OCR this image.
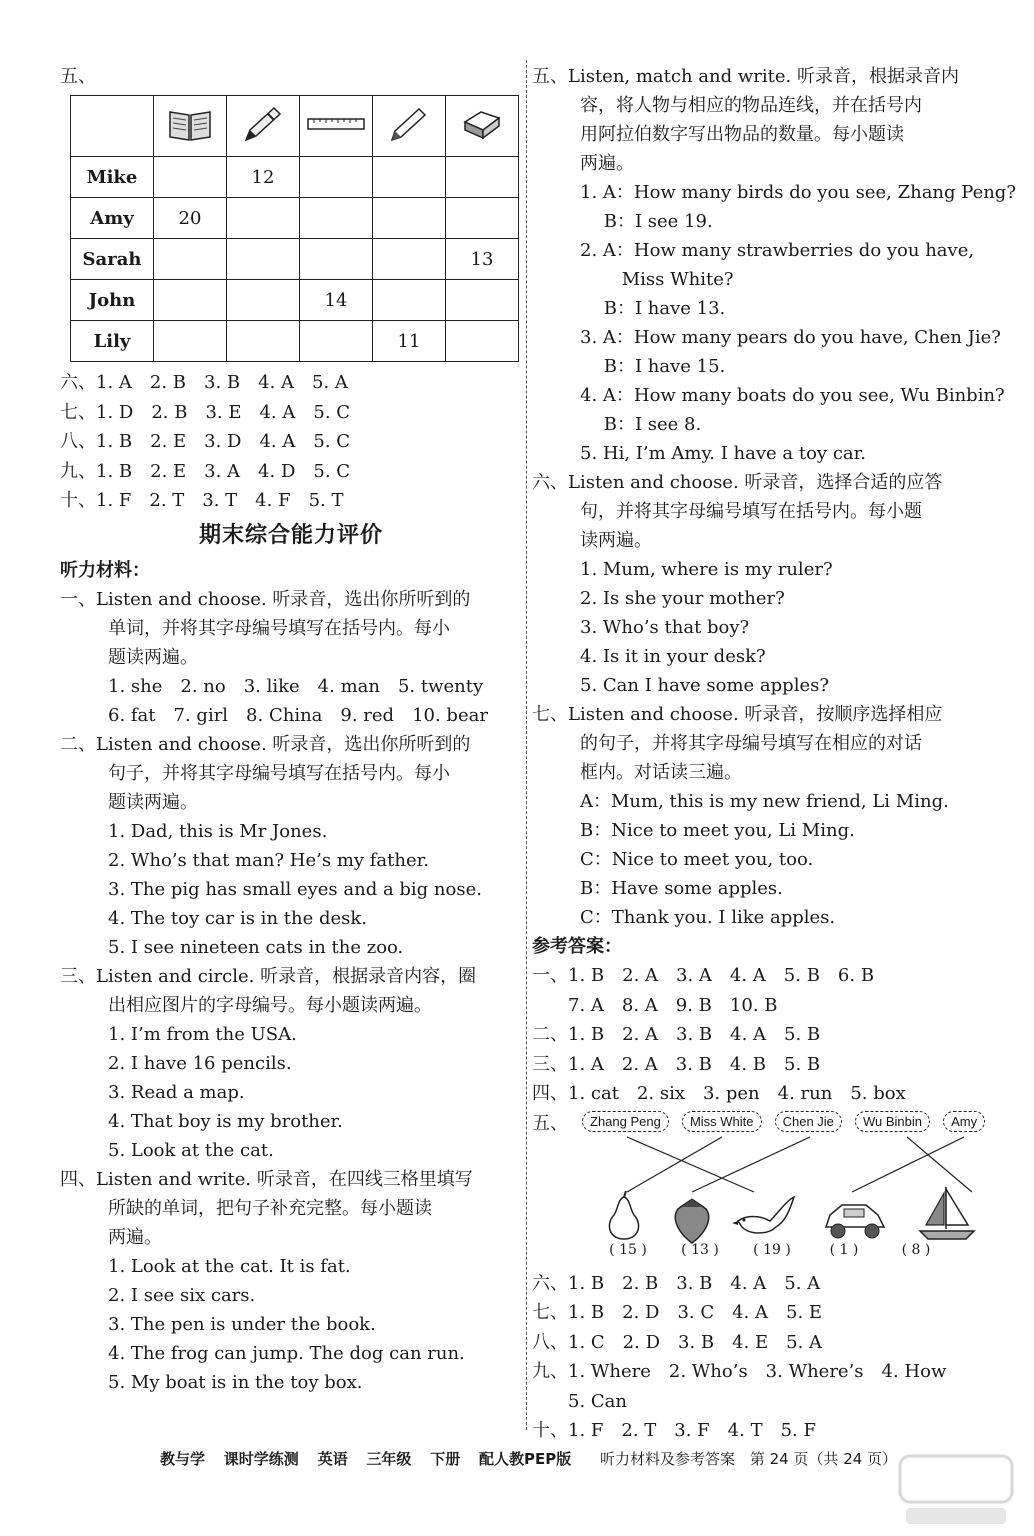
五、

Mike		12			
Amy	20				
Sarah					13
John			14		
Lily				11	
六、1. A　2. B　3. B　4. A　5. A
七、1. D　2. B　3. E　4. A　5. C
八、1. B　2. E　3. D　4. A　5. C
九、1. B　2. E　3. A　4. D　5. C
十、1. F　2. T　3. T　4. F　5. T
期末综合能力评价
听力材料：
一、Listen and choose. 听录音，选出你所听到的
单词，并将其字母编号填写在括号内。每小
题读两遍。
1. she　2. no　3. like　4. man　5. twenty
6. fat　7. girl　8. China　9. red　10. bear
二、Listen and choose. 听录音，选出你所听到的
句子，并将其字母编号填写在括号内。每小
题读两遍。
1. Dad, this is Mr Jones.
2. Who’s that man? He’s my father.
3. The pig has small eyes and a big nose.
4. The toy car is in the desk.
5. I see nineteen cats in the zoo.
三、Listen and circle. 听录音，根据录音内容，圈
出相应图片的字母编号。每小题读两遍。
1. I’m from the USA.
2. I have 16 pencils.
3. Read a map.
4. That boy is my brother.
5. Look at the cat.
四、Listen and write. 听录音，在四线三格里填写
所缺的单词，把句子补充完整。每小题读
两遍。
1. Look at the cat. It is fat.
2. I see six cars.
3. The pen is under the book.
4. The frog can jump. The dog can run.
5. My boat is in the toy box.
五、Listen, match and write. 听录音，根据录音内
容，将人物与相应的物品连线，并在括号内
用阿拉伯数字写出物品的数量。每小题读
两遍。
1. A：How many birds do you see, Zhang Peng?
　 B：I see 19.
2. A：How many strawberries do you have,
　　 Miss White?
　 B：I have 13.
3. A：How many pears do you have, Chen Jie?
　 B：I have 15.
4. A：How many boats do you see, Wu Binbin?
　 B：I see 8.
5. Hi, I’m Amy. I have a toy car.
六、Listen and choose. 听录音，选择合适的应答
句，并将其字母编号填写在括号内。每小题
读两遍。
1. Mum, where is my ruler?
2. Is she your mother?
3. Who’s that boy?
4. Is it in your desk?
5. Can I have some apples?
七、Listen and choose. 听录音，按顺序选择相应
的句子，并将其字母编号填写在相应的对话
框内。对话读三遍。
A：Mum, this is my new friend, Li Ming.
B：Nice to meet you, Li Ming.
C：Nice to meet you, too.
B：Have some apples.
C：Thank you. I like apples.
参考答案：
一、1. B　2. A　3. A　4. A　5. B　6. B
　　7. A　8. A　9. B　10. B
二、1. B　2. A　3. B　4. A　5. B
三、1. A　2. A　3. B　4. B　5. B
四、1. cat　2. six　3. pen　4. run　5. box
五、	Zhang Peng Miss White Chen Jie Wu Binbin Amy
( 15 ) ( 13 ) ( 19 )	( 1 )	( 8 )
六、1. B　2. B　3. B　4. A　5. A
七、1. B　2. D　3. C　4. A　5. E
八、1. C　2. D　3. B　4. E　5. A
九、1. Where　2. Who’s　3. Where’s　4. How
　　5. Can
十、1. F　2. T　3. F　4. T　5. F
教与学 课时学练测 英语 三年级 下册 配人教PEP版 听力材料及参考答案 第 24 页（共 24 页）
